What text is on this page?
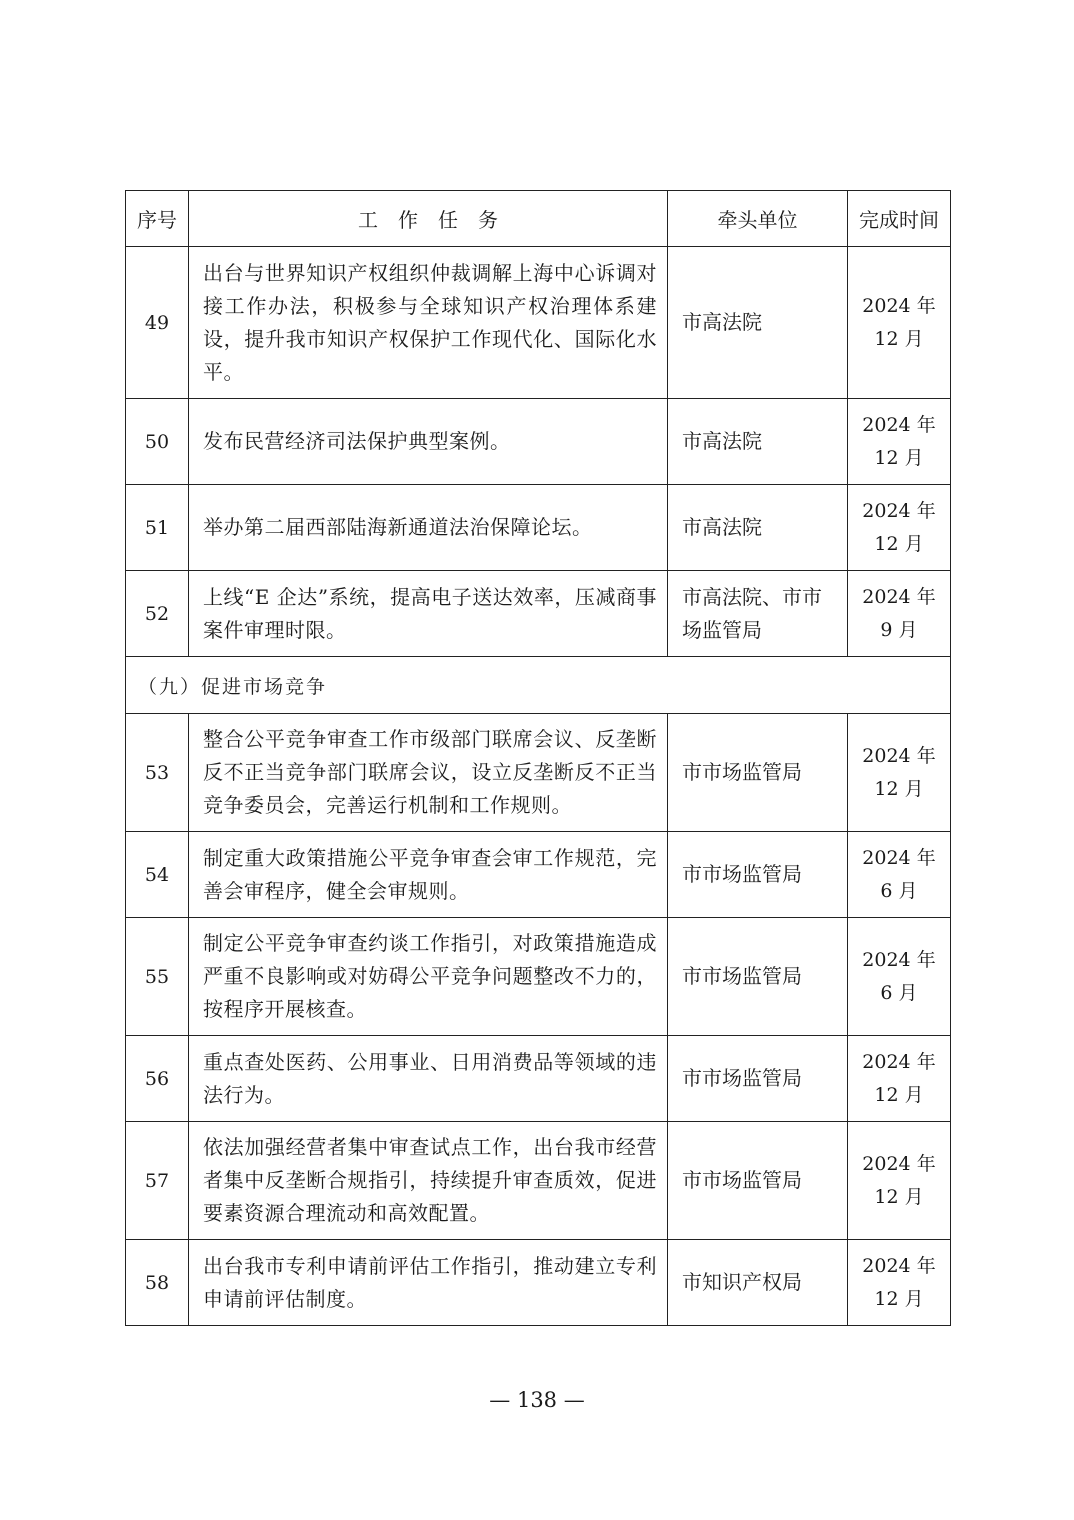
序号	工　作　任　务	牵头单位	完成时间
49	出台与世界知识产权组织仲裁调解上海中心诉调对接工作办法，积极参与全球知识产权治理体系建设，提升我市知识产权保护工作现代化、国际化水平。	市高法院	2024 年
12 月

50	发布民营经济司法保护典型案例。	市高法院	2024 年
12 月

51	举办第二届西部陆海新通道法治保障论坛。	市高法院	2024 年
12 月

52	上线“E 企达”系统，提高电子送达效率，压减商事案件审理时限。	市高法院、市市场监管局	2024 年
9 月

（九）促进市场竞争			
53	整合公平竞争审查工作市级部门联席会议、反垄断反不正当竞争部门联席会议，设立反垄断反不正当竞争委员会，完善运行机制和工作规则。	市市场监管局	2024 年
12 月

54	制定重大政策措施公平竞争审查会审工作规范，完善会审程序，健全会审规则。	市市场监管局	2024 年
6 月

55	制定公平竞争审查约谈工作指引，对政策措施造成严重不良影响或对妨碍公平竞争问题整改不力的，按程序开展核查。	市市场监管局	2024 年
6 月

56	重点查处医药、公用事业、日用消费品等领域的违法行为。	市市场监管局	2024 年
12 月

57	依法加强经营者集中审查试点工作，出台我市经营者集中反垄断合规指引，持续提升审查质效，促进要素资源合理流动和高效配置。	市市场监管局	2024 年
12 月

58	出台我市专利申请前评估工作指引，推动建立专利申请前评估制度。	市知识产权局	2024 年
12 月
— 138 —
